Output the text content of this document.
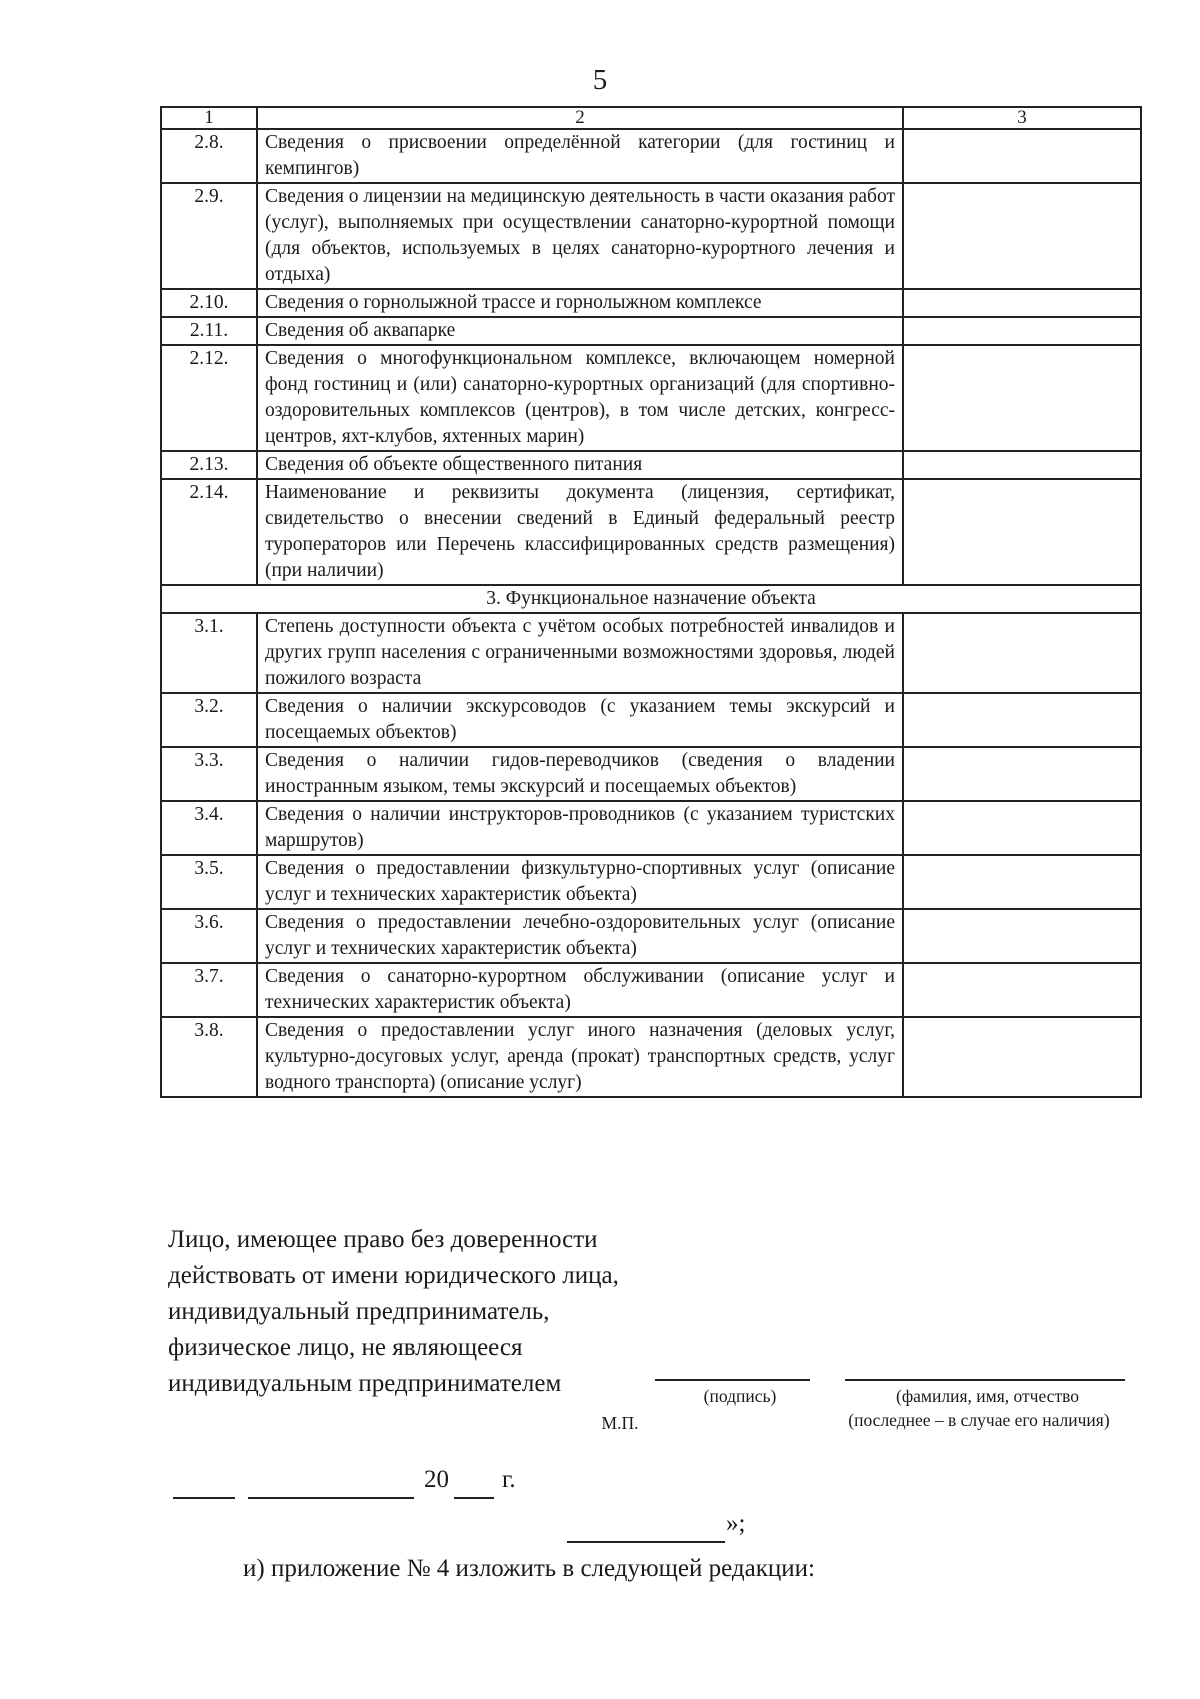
5
1	2	3
2.8.	Сведения о присвоении определённой категории (для гостиниц и кемпингов)	
2.9.	Сведения о лицензии на медицинскую деятельность в части оказания работ (услуг), выполняемых при осуществлении санаторно-курортной помощи (для объектов, используемых в целях санаторно-курортного лечения и отдыха)	
2.10.	Сведения о горнолыжной трассе и горнолыжном комплексе	
2.11.	Сведения об аквапарке	
2.12.	Сведения о многофункциональном комплексе, включающем номерной фонд гостиниц и (или) санаторно-курортных организаций (для спортивно-оздоровительных комплексов (центров), в том числе детских, конгресс-центров, яхт-клубов, яхтенных марин)	
2.13.	Сведения об объекте общественного питания	
2.14.	Наименование и реквизиты документа (лицензия, сертификат, свидетельство о внесении сведений в Единый федеральный реестр туроператоров или Перечень классифицированных средств размещения) (при наличии)	
3. Функциональное назначение объекта		
3.1.	Степень доступности объекта с учётом особых потребностей инвалидов и других групп населения с ограниченными возможностями здоровья, людей пожилого возраста	
3.2.	Сведения о наличии экскурсоводов (с указанием темы экскурсий и посещаемых объектов)	
3.3.	Сведения о наличии гидов-переводчиков (сведения о владении иностранным языком, темы экскурсий и посещаемых объектов)	
3.4.	Сведения о наличии инструкторов-проводников (с указанием туристских маршрутов)	
3.5.	Сведения о предоставлении физкультурно-спортивных услуг (описание услуг и технических характеристик объекта)	
3.6.	Сведения о предоставлении лечебно-оздоровительных услуг (описание услуг и технических характеристик объекта)	
3.7.	Сведения о санаторно-курортном обслуживании (описание услуг и технических характеристик объекта)	
3.8.	Сведения о предоставлении услуг иного назначения (деловых услуг, культурно-досуговых услуг, аренда (прокат) транспортных средств, услуг водного транспорта) (описание услуг)	
Лицо, имеющее право без доверенности
действовать от имени юридического лица,
индивидуальный предприниматель,
физическое лицо, не являющееся
индивидуальным предпринимателем	(подпись)	(фамилия, имя, отчество
(последнее – в случае его наличия)
М.П.
20 г.
»;
и) приложение № 4 изложить в следующей редакции:
